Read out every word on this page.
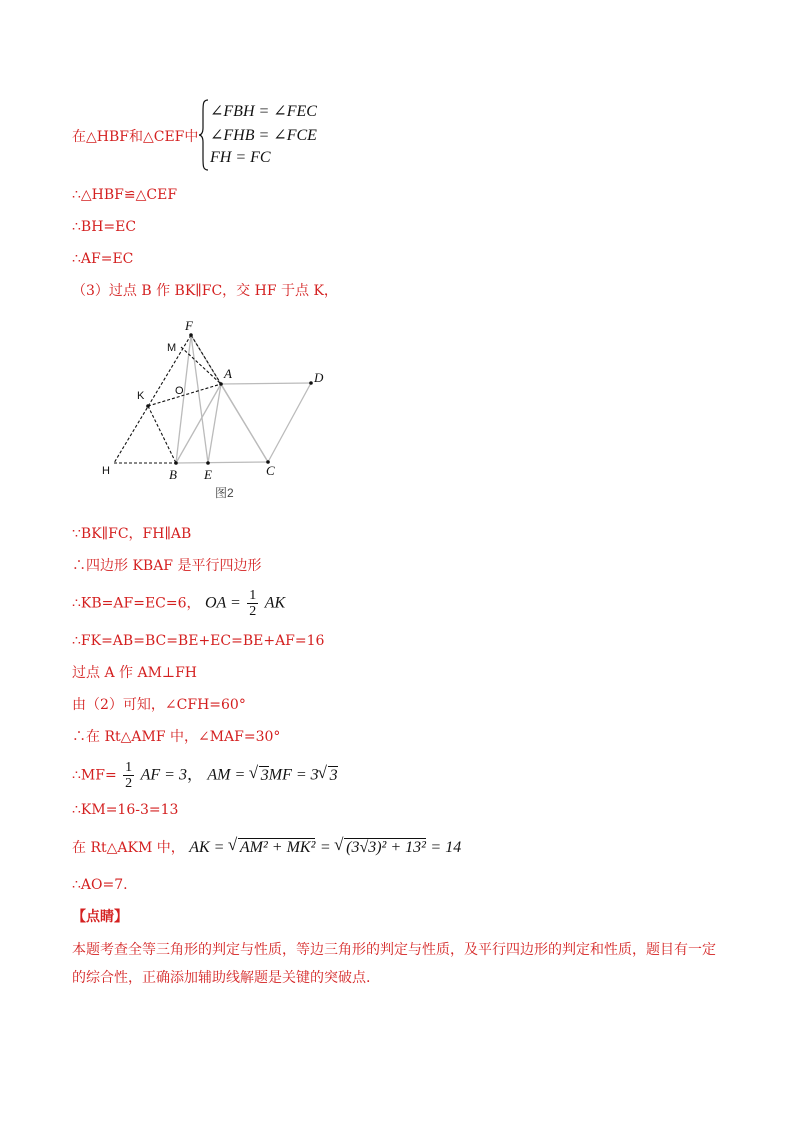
在△HBF和△CEF中
∠FBH = ∠FEC
∠FHB = ∠FCE
FH = FC
∴△HBF≌△CEF
∴BH=EC
∴AF=EC
（3）过点 B 作 BK∥FC，交 HF 于点 K，
F
A	D
B E	C
M
K	O
H
图2
∵BK∥FC，FH∥AB
∴四边形 KBAF 是平行四边形
∴KB=AF=EC=6， OA = $\frac{1}{2}$ AK
∴FK=AB=BC=BE+EC=BE+AF=16
过点 A 作 AM⊥FH
由（2）可知，∠CFH=60°
∴在 Rt△AMF 中，∠MAF=30°
∴MF= $\frac{1}{2}$ AF = 3， AM = √ 3MF = 3 √ 3
∴KM=16-3=13
在 Rt△AKM 中， AK = √ AM² + MK² = √ (3√3)² + 13² = 14
∴AO=7.
【点睛】
本题考查全等三角形的判定与性质，等边三角形的判定与性质，及平行四边形的判定和性质，题目有一定的综合性，正确添加辅助线解题是关键的突破点.
